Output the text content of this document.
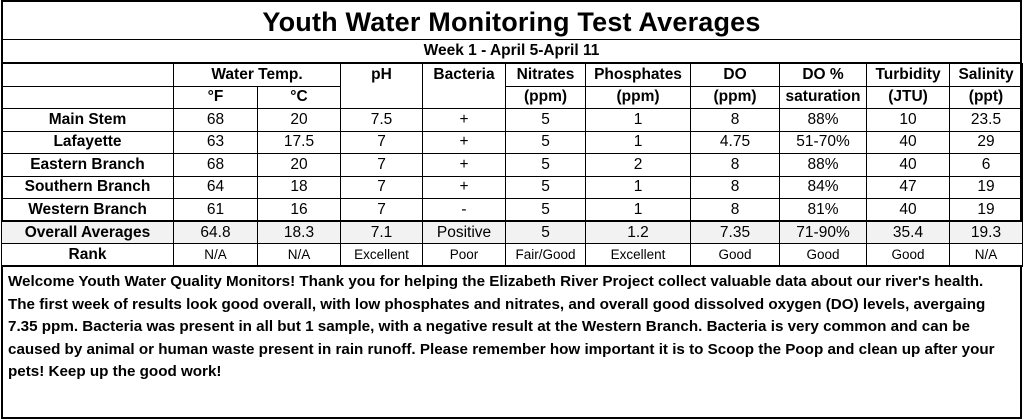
Youth Water Monitoring Test Averages
Week 1 - April 5-April 11
	Water Temp.		pH	Bacteria	Nitrates	Phosphates	DO	DO %	Turbidity	Salinity
	°F	°C			(ppm)	(ppm)	(ppm)	saturation	(JTU)	(ppt)
Main Stem	68	20	7.5	+	5	1	8	88%	10	23.5
Lafayette	63	17.5	7	+	5	1	4.75	51-70%	40	29
Eastern Branch	68	20	7	+	5	2	8	88%	40	6
Southern Branch	64	18	7	+	5	1	8	84%	47	19
Western Branch	61	16	7	-	5	1	8	81%	40	19
Overall Averages	64.8	18.3	7.1	Positive	5	1.2	7.35	71-90%	35.4	19.3
Rank	N/A	N/A	Excellent	Poor	Fair/Good	Excellent	Good	Good	Good	N/A
Welcome Youth Water Quality Monitors! Thank you for helping the Elizabeth River Project collect valuable data about our river's health. The first week of results look good overall, with low phosphates and nitrates, and overall good dissolved oxygen (DO) levels, avergaing 7.35 ppm. Bacteria was present in all but 1 sample, with a negative result at the Western Branch. Bacteria is very common and can be caused by animal or human waste present in rain runoff. Please remember how important it is to Scoop the Poop and clean up after your pets! Keep up the good work!
